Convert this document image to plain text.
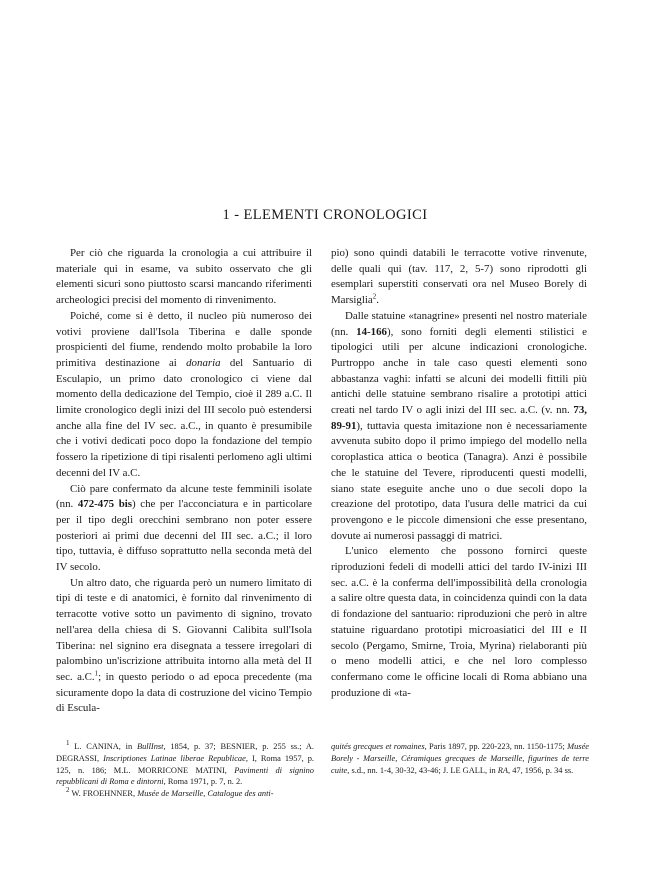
1 - ELEMENTI CRONOLOGICI

Per ciò che riguarda la cronologia a cui attribuire il materiale qui in esame, va subito osservato che gli elementi sicuri sono piuttosto scarsi mancando riferimenti archeologici precisi del momento di rinvenimento.

Poiché, come si è detto, il nucleo più numeroso dei votivi proviene dall'Isola Tiberina e dalle sponde prospicienti del fiume, rendendo molto probabile la loro primitiva destinazione ai donaria del Santuario di Esculapio, un primo dato cronologico ci viene dal momento della dedicazione del Tempio, cioè il 289 a.C. Il limite cronologico degli inizi del III secolo può estendersi anche alla fine del IV sec. a.C., in quanto è presumibile che i votivi dedicati poco dopo la fondazione del tempio fossero la ripetizione di tipi risalenti perlomeno agli ultimi decenni del IV a.C.

Ciò pare confermato da alcune teste femminili isolate (nn. 472-475 bis) che per l'acconciatura e in particolare per il tipo degli orecchini sembrano non poter essere posteriori ai primi due decenni del III sec. a.C.; il loro tipo, tuttavia, è diffuso soprattutto nella seconda metà del IV secolo.

Un altro dato, che riguarda però un numero limitato di tipi di teste e di anatomici, è fornito dal rinvenimento di terracotte votive sotto un pavimento di signino, trovato nell'area della chiesa di S. Giovanni Calibita sull'Isola Tiberina: nel signino era disegnata a tessere irregolari di palombino un'iscrizione attribuita intorno alla metà del II sec. a.C.$^1$; in questo periodo o ad epoca precedente (ma sicuramente dopo la data di costruzione del vicino Tempio di Escula-

pio) sono quindi databili le terracotte votive rinvenute, delle quali qui (tav. 117, 2, 5-7) sono riprodotti gli esemplari superstiti conservati ora nel Museo Borely di Marsiglia$^2$.

Dalle statuine «tanagrine» presenti nel nostro materiale (nn. 14-166), sono forniti degli elementi stilistici e tipologici utili per alcune indicazioni cronologiche. Purtroppo anche in tale caso questi elementi sono abbastanza vaghi: infatti se alcuni dei modelli fittili più antichi delle statuine sembrano risalire a prototipi attici creati nel tardo IV o agli inizi del III sec. a.C. (v. nn. 73, 89-91), tuttavia questa imitazione non è necessariamente avvenuta subito dopo il primo impiego del modello nella coroplastica attica o beotica (Tanagra). Anzi è possibile che le statuine del Tevere, riproducenti questi modelli, siano state eseguite anche uno o due secoli dopo la creazione del prototipo, data l'usura delle matrici da cui provengono e le piccole dimensioni che esse presentano, dovute ai numerosi passaggi di matrici.

L'unico elemento che possono fornirci queste riproduzioni fedeli di modelli attici del tardo IV-inizi III sec. a.C. è la conferma dell'impossibilità della cronologia a salire oltre questa data, in coincidenza quindi con la data di fondazione del santuario: riproduzioni che però in altre statuine riguardano prototipi microasiatici del III e II secolo (Pergamo, Smirne, Troia, Myrina) rielaboranti più o meno modelli attici, e che nel loro complesso confermano come le officine locali di Roma abbiano una produzione di «ta-

$^1$ L. CANINA, in BullInst, 1854, p. 37; BESNIER, p. 255 ss.; A. DEGRASSI, Inscriptiones Latinae liberae Republicae, I, Roma 1957, p. 125, n. 186; M.L. MORRICONE MATINI, Pavimenti di signino repubblicani di Roma e dintorni, Roma 1971, p. 7, n. 2.

$^2$ W. FROEHNNER, Musée de Marseille, Catalogue des anti-

quités grecques et romaines, Paris 1897, pp. 220-223, nn. 1150-1175; Musée Borely - Marseille, Céramiques grecques de Marseille, figurines de terre cuite, s.d., nn. 1-4, 30-32, 43-46; J. LE GALL, in RA, 47, 1956, p. 34 ss.
